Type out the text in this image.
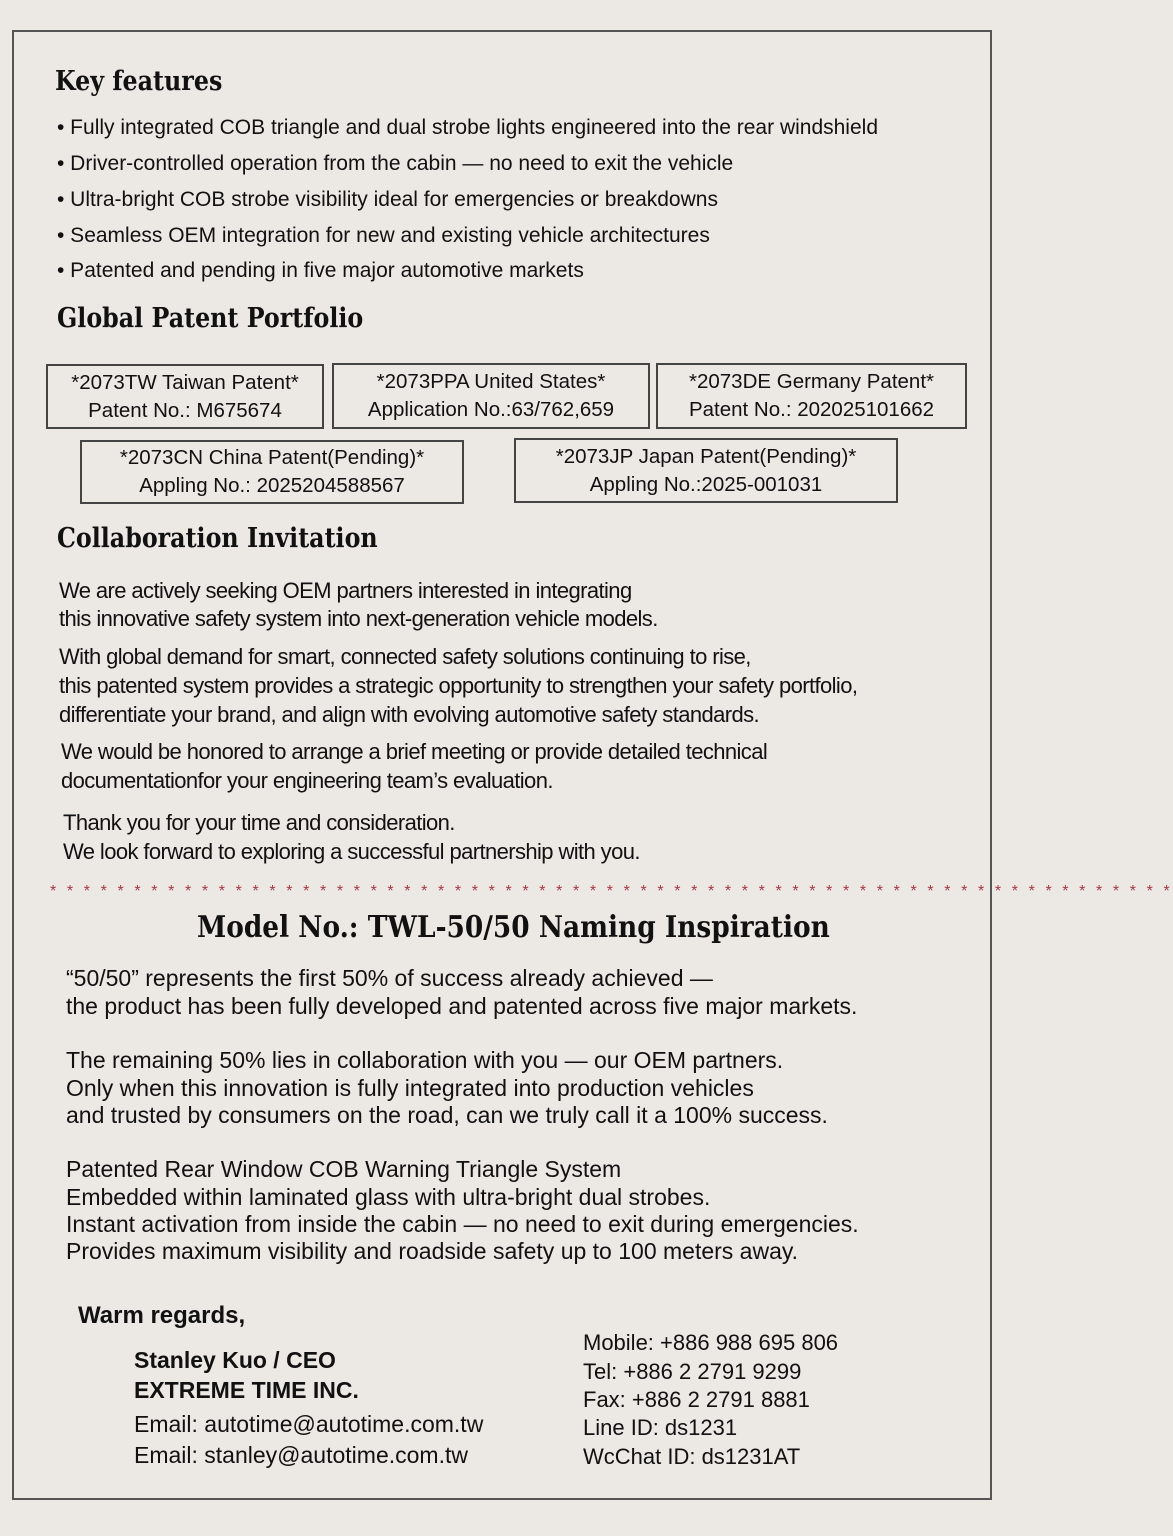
Key features
• Fully integrated COB triangle and dual strobe lights engineered into the rear windshield
• Driver-controlled operation from the cabin — no need to exit the vehicle
• Ultra-bright COB strobe visibility ideal for emergencies or breakdowns
• Seamless OEM integration for new and existing vehicle architectures
• Patented and pending in five major automotive markets
Global Patent Portfolio
*2073TW Taiwan Patent*
Patent No.: M675674
*2073PPA United States*
Application No.:63/762,659
*2073DE Germany Patent*
Patent No.: 202025101662
*2073CN China Patent(Pending)*
Appling No.: 2025204588567
*2073JP Japan Patent(Pending)*
Appling No.:2025-001031
Collaboration Invitation
We are actively seeking OEM partners interested in integrating
this innovative safety system into next-generation vehicle models.
With global demand for smart, connected safety solutions continuing to rise,
this patented system provides a strategic opportunity to strengthen your safety portfolio,
differentiate your brand, and align with evolving automotive safety standards.
We would be honored to arrange a brief meeting or provide detailed technical
documentationfor your engineering team’s evaluation.
Thank you for your time and consideration.
We look forward to exploring a successful partnership with you.
* * * * * * * * * * * * * * * * * * * * * * * * * * * * * * * * * * * * * * * * * * * * * * * * * * * * * * * * * * * * * * * * * * *
Model No.: TWL-50/50 Naming Inspiration
“50/50” represents the first 50% of success already achieved —
the product has been fully developed and patented across five major markets.
The remaining 50% lies in collaboration with you — our OEM partners.
Only when this innovation is fully integrated into production vehicles
and trusted by consumers on the road, can we truly call it a 100% success.
Patented Rear Window COB Warning Triangle System
Embedded within laminated glass with ultra-bright dual strobes.
Instant activation from inside the cabin — no need to exit during emergencies.
Provides maximum visibility and roadside safety up to 100 meters away.
Warm regards,
Stanley Kuo / CEO
EXTREME TIME INC.
Email: autotime@autotime.com.tw
Email: stanley@autotime.com.tw
Mobile: +886 988 695 806
Tel: +886 2 2791 9299
Fax: +886 2 2791 8881
Line ID: ds1231
WcChat ID: ds1231AT
